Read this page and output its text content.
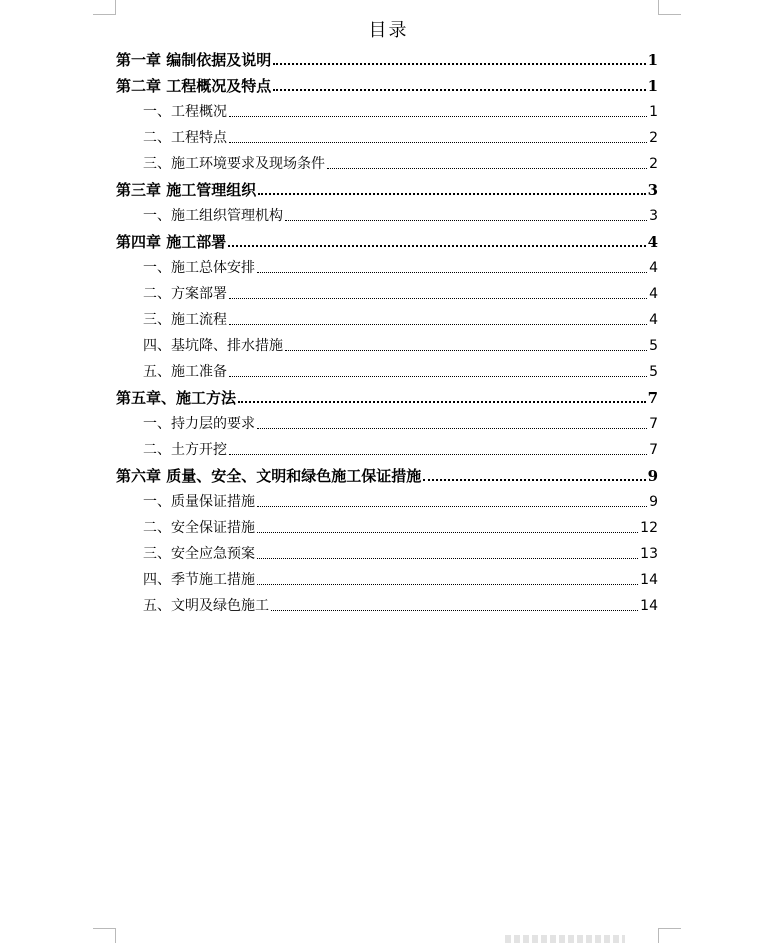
目录
第一章 编制依据及说明	1
第二章 工程概况及特点	1
一、工程概况	1
二、工程特点	2
三、施工环境要求及现场条件	2
第三章 施工管理组织	3
一、施工组织管理机构	3
第四章 施工部署	4
一、施工总体安排	4
二、方案部署	4
三、施工流程	4
四、基坑降、排水措施	5
五、施工准备	5
第五章、施工方法	7
一、持力层的要求	7
二、土方开挖	7
第六章 质量、安全、文明和绿色施工保证措施	9
一、质量保证措施	9
二、安全保证措施	12
三、安全应急预案	13
四、季节施工措施	14
五、文明及绿色施工	14
